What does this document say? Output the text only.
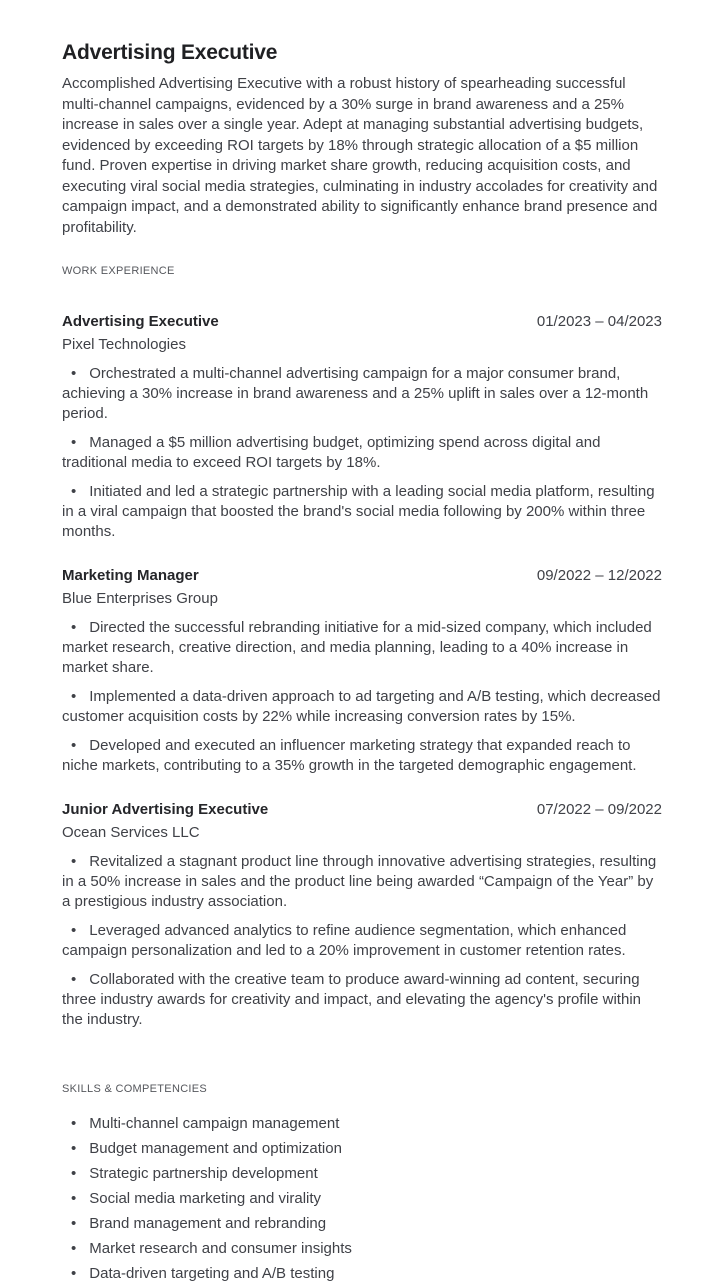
Advertising Executive

Accomplished Advertising Executive with a robust history of spearheading successful multi-channel campaigns, evidenced by a 30% surge in brand awareness and a 25% increase in sales over a single year. Adept at managing substantial advertising budgets, evidenced by exceeding ROI targets by 18% through strategic allocation of a $5 million fund. Proven expertise in driving market share growth, reducing acquisition costs, and executing viral social media strategies, culminating in industry accolades for creativity and campaign impact, and a demonstrated ability to significantly enhance brand presence and profitability.

WORK EXPERIENCE
Advertising Executive	01/2023 – 04/2023

Pixel Technologies

• Orchestrated a multi-channel advertising campaign for a major consumer brand, achieving a 30% increase in brand awareness and a 25% uplift in sales over a 12-month period.

• Managed a $5 million advertising budget, optimizing spend across digital and traditional media to exceed ROI targets by 18%.

• Initiated and led a strategic partnership with a leading social media platform, resulting in a viral campaign that boosted the brand's social media following by 200% within three months.

Marketing Manager	09/2022 – 12/2022

Blue Enterprises Group

• Directed the successful rebranding initiative for a mid-sized company, which included market research, creative direction, and media planning, leading to a 40% increase in market share.

• Implemented a data-driven approach to ad targeting and A/B testing, which decreased customer acquisition costs by 22% while increasing conversion rates by 15%.

• Developed and executed an influencer marketing strategy that expanded reach to niche markets, contributing to a 35% growth in the targeted demographic engagement.

Junior Advertising Executive	07/2022 – 09/2022

Ocean Services LLC

• Revitalized a stagnant product line through innovative advertising strategies, resulting in a 50% increase in sales and the product line being awarded “Campaign of the Year” by a prestigious industry association.

• Leveraged advanced analytics to refine audience segmentation, which enhanced campaign personalization and led to a 20% improvement in customer retention rates.

• Collaborated with the creative team to produce award-winning ad content, securing three industry awards for creativity and impact, and elevating the agency's profile within the industry.

SKILLS & COMPETENCIES
• Multi-channel campaign management
• Budget management and optimization
• Strategic partnership development
• Social media marketing and virality
• Brand management and rebranding
• Market research and consumer insights
• Data-driven targeting and A/B testing
